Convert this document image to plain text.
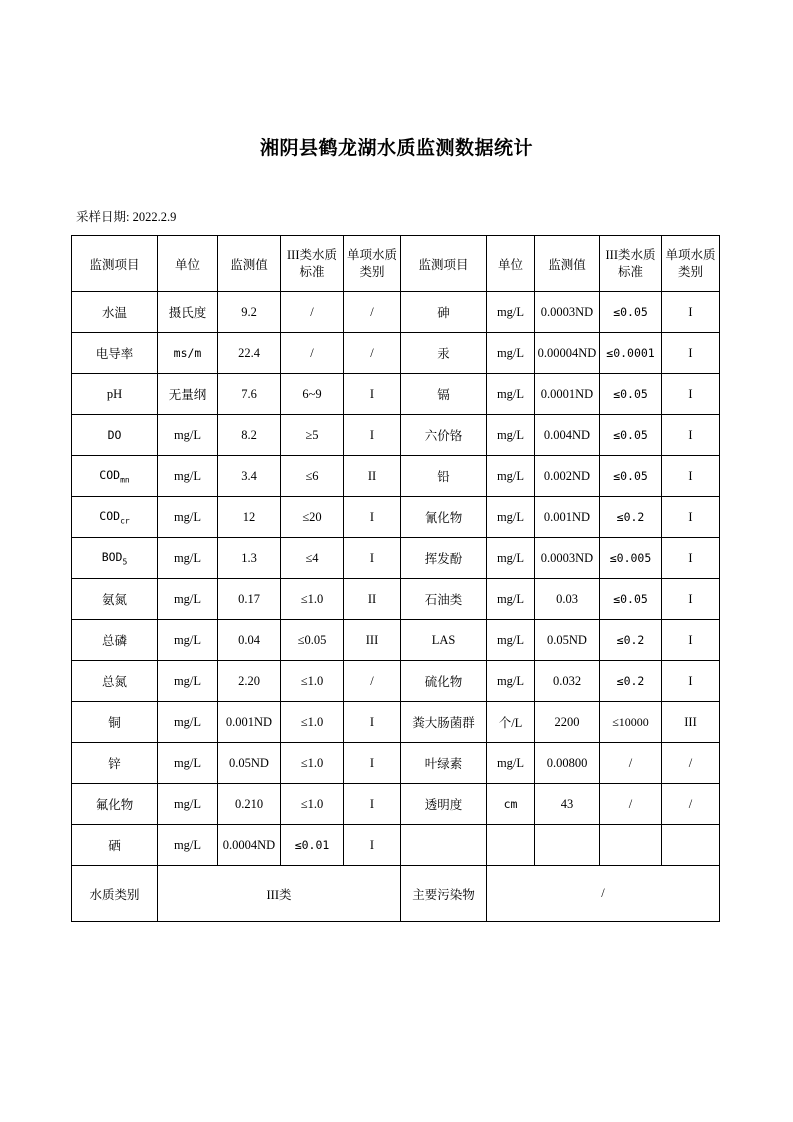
湘阴县鹤龙湖水质监测数据统计
采样日期: 2022.2.9
监测项目	单位	监测值	III类水质标准	单项水质类别	监测项目	单位	监测值	III类水质标准	单项水质类别
水温	摄氏度	9.2	/	/	砷	mg/L	0.0003ND	≤0.05	I
电导率	ms/m	22.4	/	/	汞	mg/L	0.00004ND	≤0.0001	I
pH	无量纲	7.6	6~9	I	镉	mg/L	0.0001ND	≤0.05	I
DO	mg/L	8.2	≥5	I	六价铬	mg/L	0.004ND	≤0.05	I
$COD_{mn}$	mg/L	3.4	≤6	II	铅	mg/L	0.002ND	≤0.05	I
$COD_{cr}$	mg/L	12	≤20	I	氰化物	mg/L	0.001ND	≤0.2	I
$BOD_5$	mg/L	1.3	≤4	I	挥发酚	mg/L	0.0003ND	≤0.005	I
氨氮	mg/L	0.17	≤1.0	II	石油类	mg/L	0.03	≤0.05	I
总磷	mg/L	0.04	≤0.05	III	LAS	mg/L	0.05ND	≤0.2	I
总氮	mg/L	2.20	≤1.0	/	硫化物	mg/L	0.032	≤0.2	I
铜	mg/L	0.001ND	≤1.0	I	粪大肠菌群	个/L	2200	≤10000	III
锌	mg/L	0.05ND	≤1.0	I	叶绿素	mg/L	0.00800	/	/
氟化物	mg/L	0.210	≤1.0	I	透明度	cm	43	/	/
硒	mg/L	0.0004ND	≤0.01	I					
水质类别	III类				主要污染物	/			
